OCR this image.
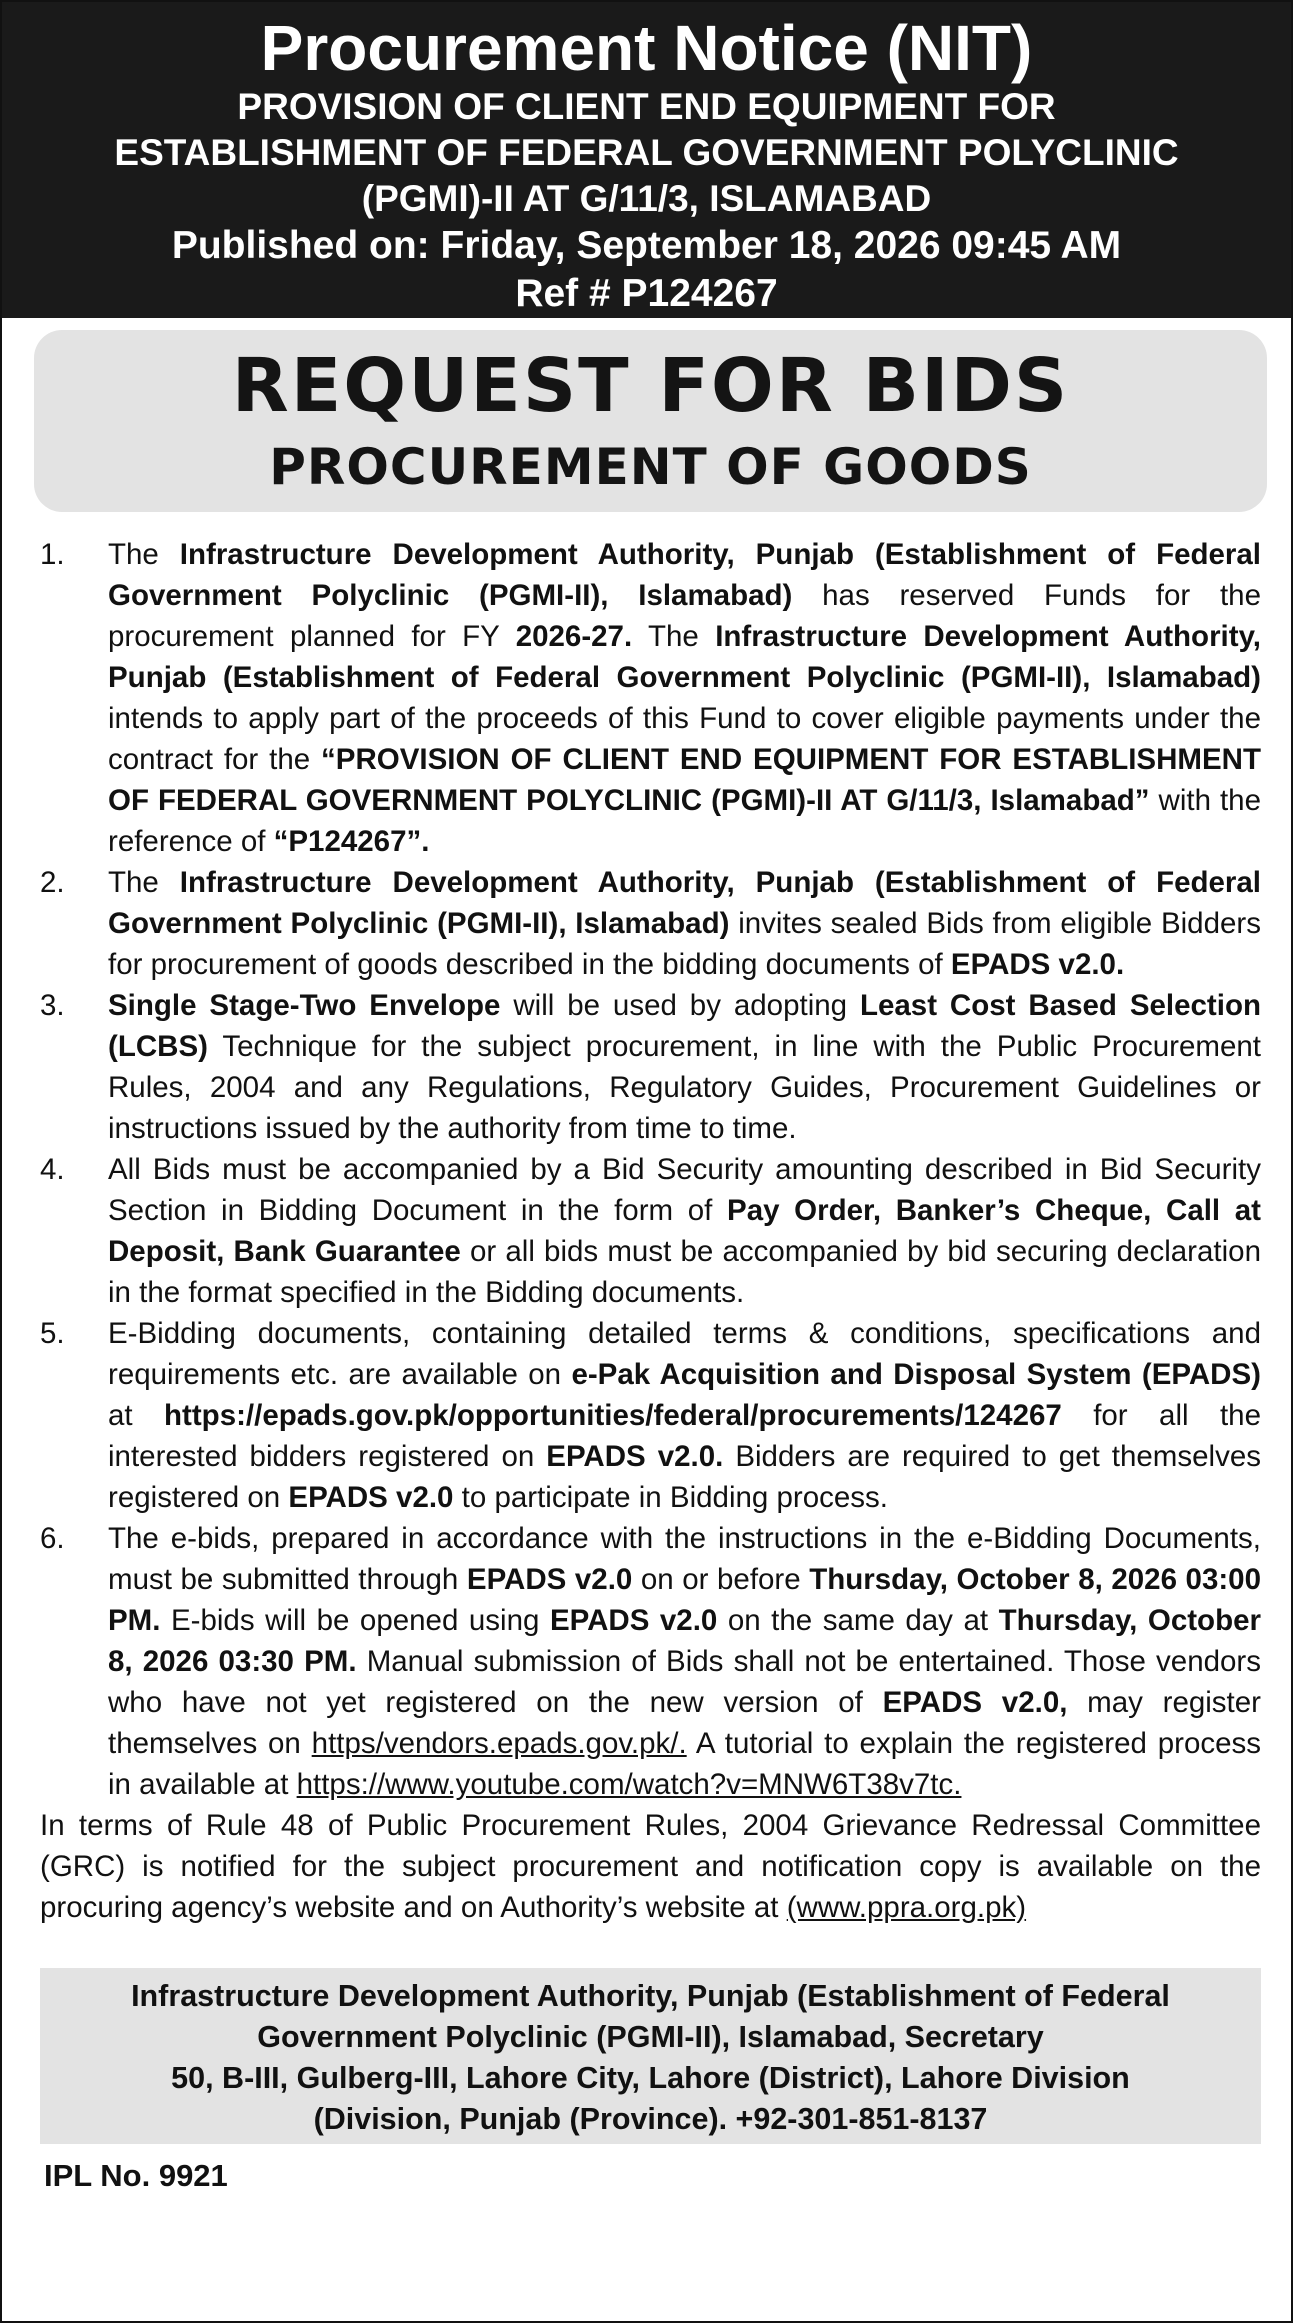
Procurement Notice (NIT)
PROVISION OF CLIENT END EQUIPMENT FOR
ESTABLISHMENT OF FEDERAL GOVERNMENT POLYCLINIC
(PGMI)-II AT G/11/3, ISLAMABAD
Published on: Friday, September 18, 2026 09:45 AM
Ref # P124267
REQUEST FOR BIDS
PROCUREMENT OF GOODS
1.	The Infrastructure Development Authority, Punjab (Establishment of Federal Government Polyclinic (PGMI-II), Islamabad) has reserved Funds for the procurement planned for FY 2026-27. The Infrastructure Development Authority, Punjab (Establishment of Federal Government Polyclinic (PGMI-II), Islamabad) intends to apply part of the proceeds of this Fund to cover eligible payments under the contract for the “PROVISION OF CLIENT END EQUIPMENT FOR ESTABLISHMENT OF FEDERAL GOVERNMENT POLYCLINIC (PGMI)-II AT G/11/3, Islamabad” with the reference of “P124267”.
2.	The Infrastructure Development Authority, Punjab (Establishment of Federal Government Polyclinic (PGMI-II), Islamabad) invites sealed Bids from eligible Bidders for procurement of goods described in the bidding documents of EPADS v2.0.
3.	Single Stage-Two Envelope will be used by adopting Least Cost Based Selection (LCBS) Technique for the subject procurement, in line with the Public Procurement Rules, 2004 and any Regulations, Regulatory Guides, Procurement Guidelines or instructions issued by the authority from time to time.
4.	All Bids must be accompanied by a Bid Security amounting described in Bid Security Section in Bidding Document in the form of Pay Order, Banker’s Cheque, Call at Deposit, Bank Guarantee or all bids must be accompanied by bid securing declaration in the format specified in the Bidding documents.
5.	E-Bidding documents, containing detailed terms & conditions, specifications and requirements etc. are available on e-Pak Acquisition and Disposal System (EPADS) at https://epads.gov.pk/opportunities/federal/procurements/124267 for all the interested bidders registered on EPADS v2.0. Bidders are required to get themselves registered on EPADS v2.0 to participate in Bidding process.
6.	The e-bids, prepared in accordance with the instructions in the e-Bidding Documents, must be submitted through EPADS v2.0 on or before Thursday, October 8, 2026 03:00 PM. E-bids will be opened using EPADS v2.0 on the same day at Thursday, October 8, 2026 03:30 PM. Manual submission of Bids shall not be entertained. Those vendors who have not yet registered on the new version of EPADS v2.0, may register themselves on https/vendors.epads.gov.pk/. A tutorial to explain the registered process in available at https://www.youtube.com/watch?v=MNW6T38v7tc.

In terms of Rule 48 of Public Procurement Rules, 2004 Grievance Redressal Committee (GRC) is notified for the subject procurement and notification copy is available on the procuring agency’s website and on Authority’s website at (www.ppra.org.pk)

Infrastructure Development Authority, Punjab (Establishment of Federal
Government Polyclinic (PGMI-II), Islamabad, Secretary
50, B-III, Gulberg-III, Lahore City, Lahore (District), Lahore Division
(Division, Punjab (Province). +92-301-851-8137
IPL No. 9921
